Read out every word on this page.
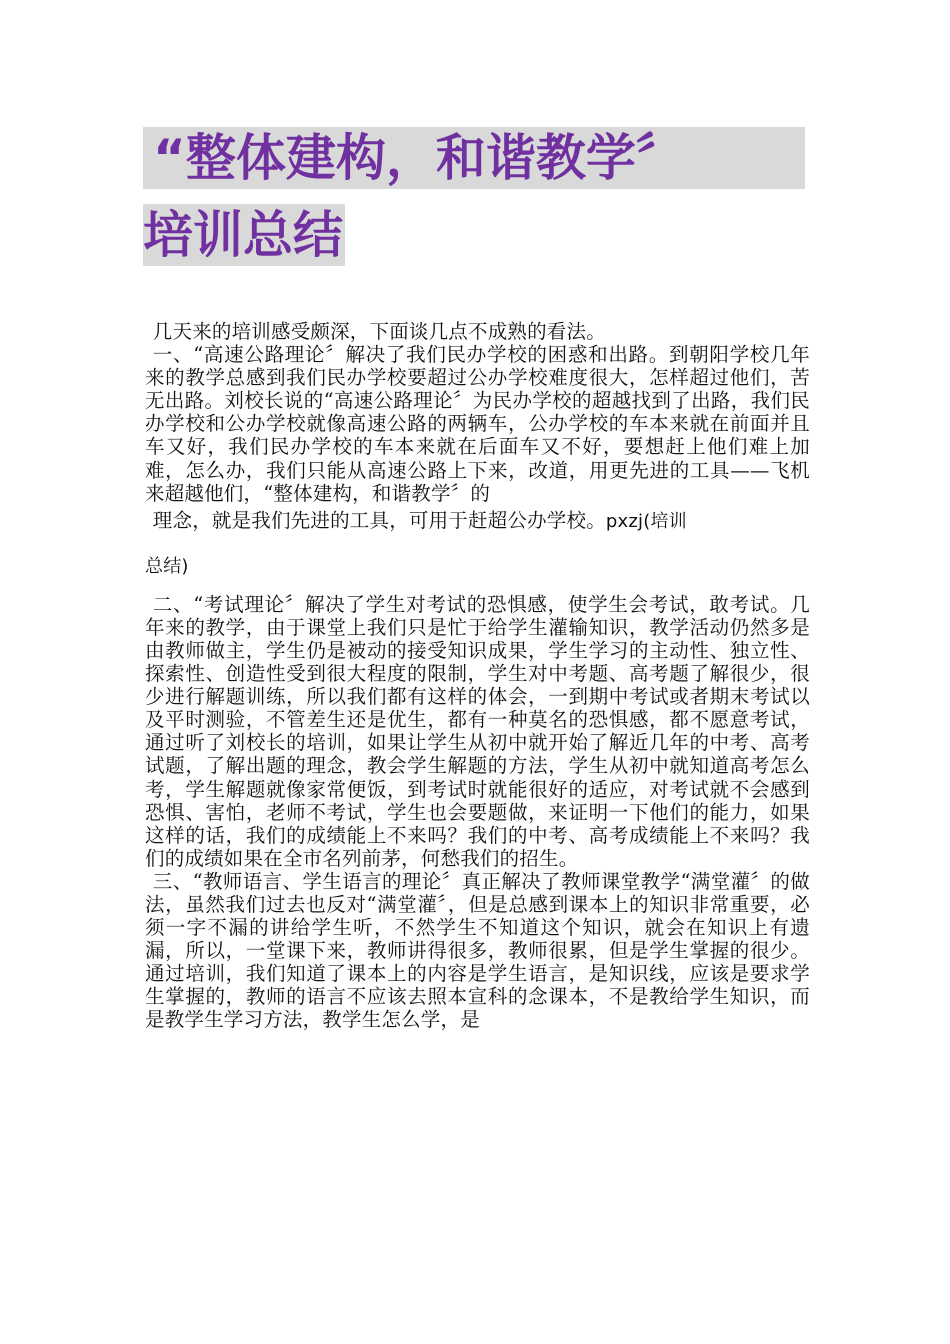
“整体建构，和谐教学〞
培训总结

几天来的培训感受颇深，下面谈几点不成熟的看法。

一、“高速公路理论〞解决了我们民办学校的困惑和出路。到朝阳学校几年来的教学总感到我们民办学校要超过公办学校难度很大，怎样超过他们，苦无出路。刘校长说的“高速公路理论〞为民办学校的超越找到了出路，我们民办学校和公办学校就像高速公路的两辆车，公办学校的车本来就在前面并且车又好，我们民办学校的车本来就在后面车又不好，要想赶上他们难上加难，怎么办，我们只能从高速公路上下来，改道，用更先进的工具——飞机来超越他们，“整体建构，和谐教学〞的

理念，就是我们先进的工具，可用于赶超公办学校。pxzj(培训

总结)

二、“考试理论〞解决了学生对考试的恐惧感，使学生会考试，敢考试。几年来的教学，由于课堂上我们只是忙于给学生灌输知识，教学活动仍然多是由教师做主，学生仍是被动的接受知识成果，学生学习的主动性、独立性、探索性、创造性受到很大程度的限制，学生对中考题、高考题了解很少，很少进行解题训练，所以我们都有这样的体会，一到期中考试或者期末考试以及平时测验，不管差生还是优生，都有一种莫名的恐惧感，都不愿意考试，通过听了刘校长的培训，如果让学生从初中就开始了解近几年的中考、高考试题，了解出题的理念，教会学生解题的方法，学生从初中就知道高考怎么考，学生解题就像家常便饭，到考试时就能很好的适应，对考试就不会感到恐惧、害怕，老师不考试，学生也会要题做，来证明一下他们的能力，如果这样的话，我们的成绩能上不来吗？我们的中考、高考成绩能上不来吗？我们的成绩如果在全市名列前茅，何愁我们的招生。

三、“教师语言、学生语言的理论〞真正解决了教师课堂教学“满堂灌〞的做法，虽然我们过去也反对“满堂灌〞，但是总感到课本上的知识非常重要，必须一字不漏的讲给学生听，不然学生不知道这个知识，就会在知识上有遗漏，所以，一堂课下来，教师讲得很多，教师很累，但是学生掌握的很少。通过培训，我们知道了课本上的内容是学生语言，是知识线，应该是要求学生掌握的，教师的语言不应该去照本宣科的念课本，不是教给学生知识，而是教学生学习方法，教学生怎么学，是
